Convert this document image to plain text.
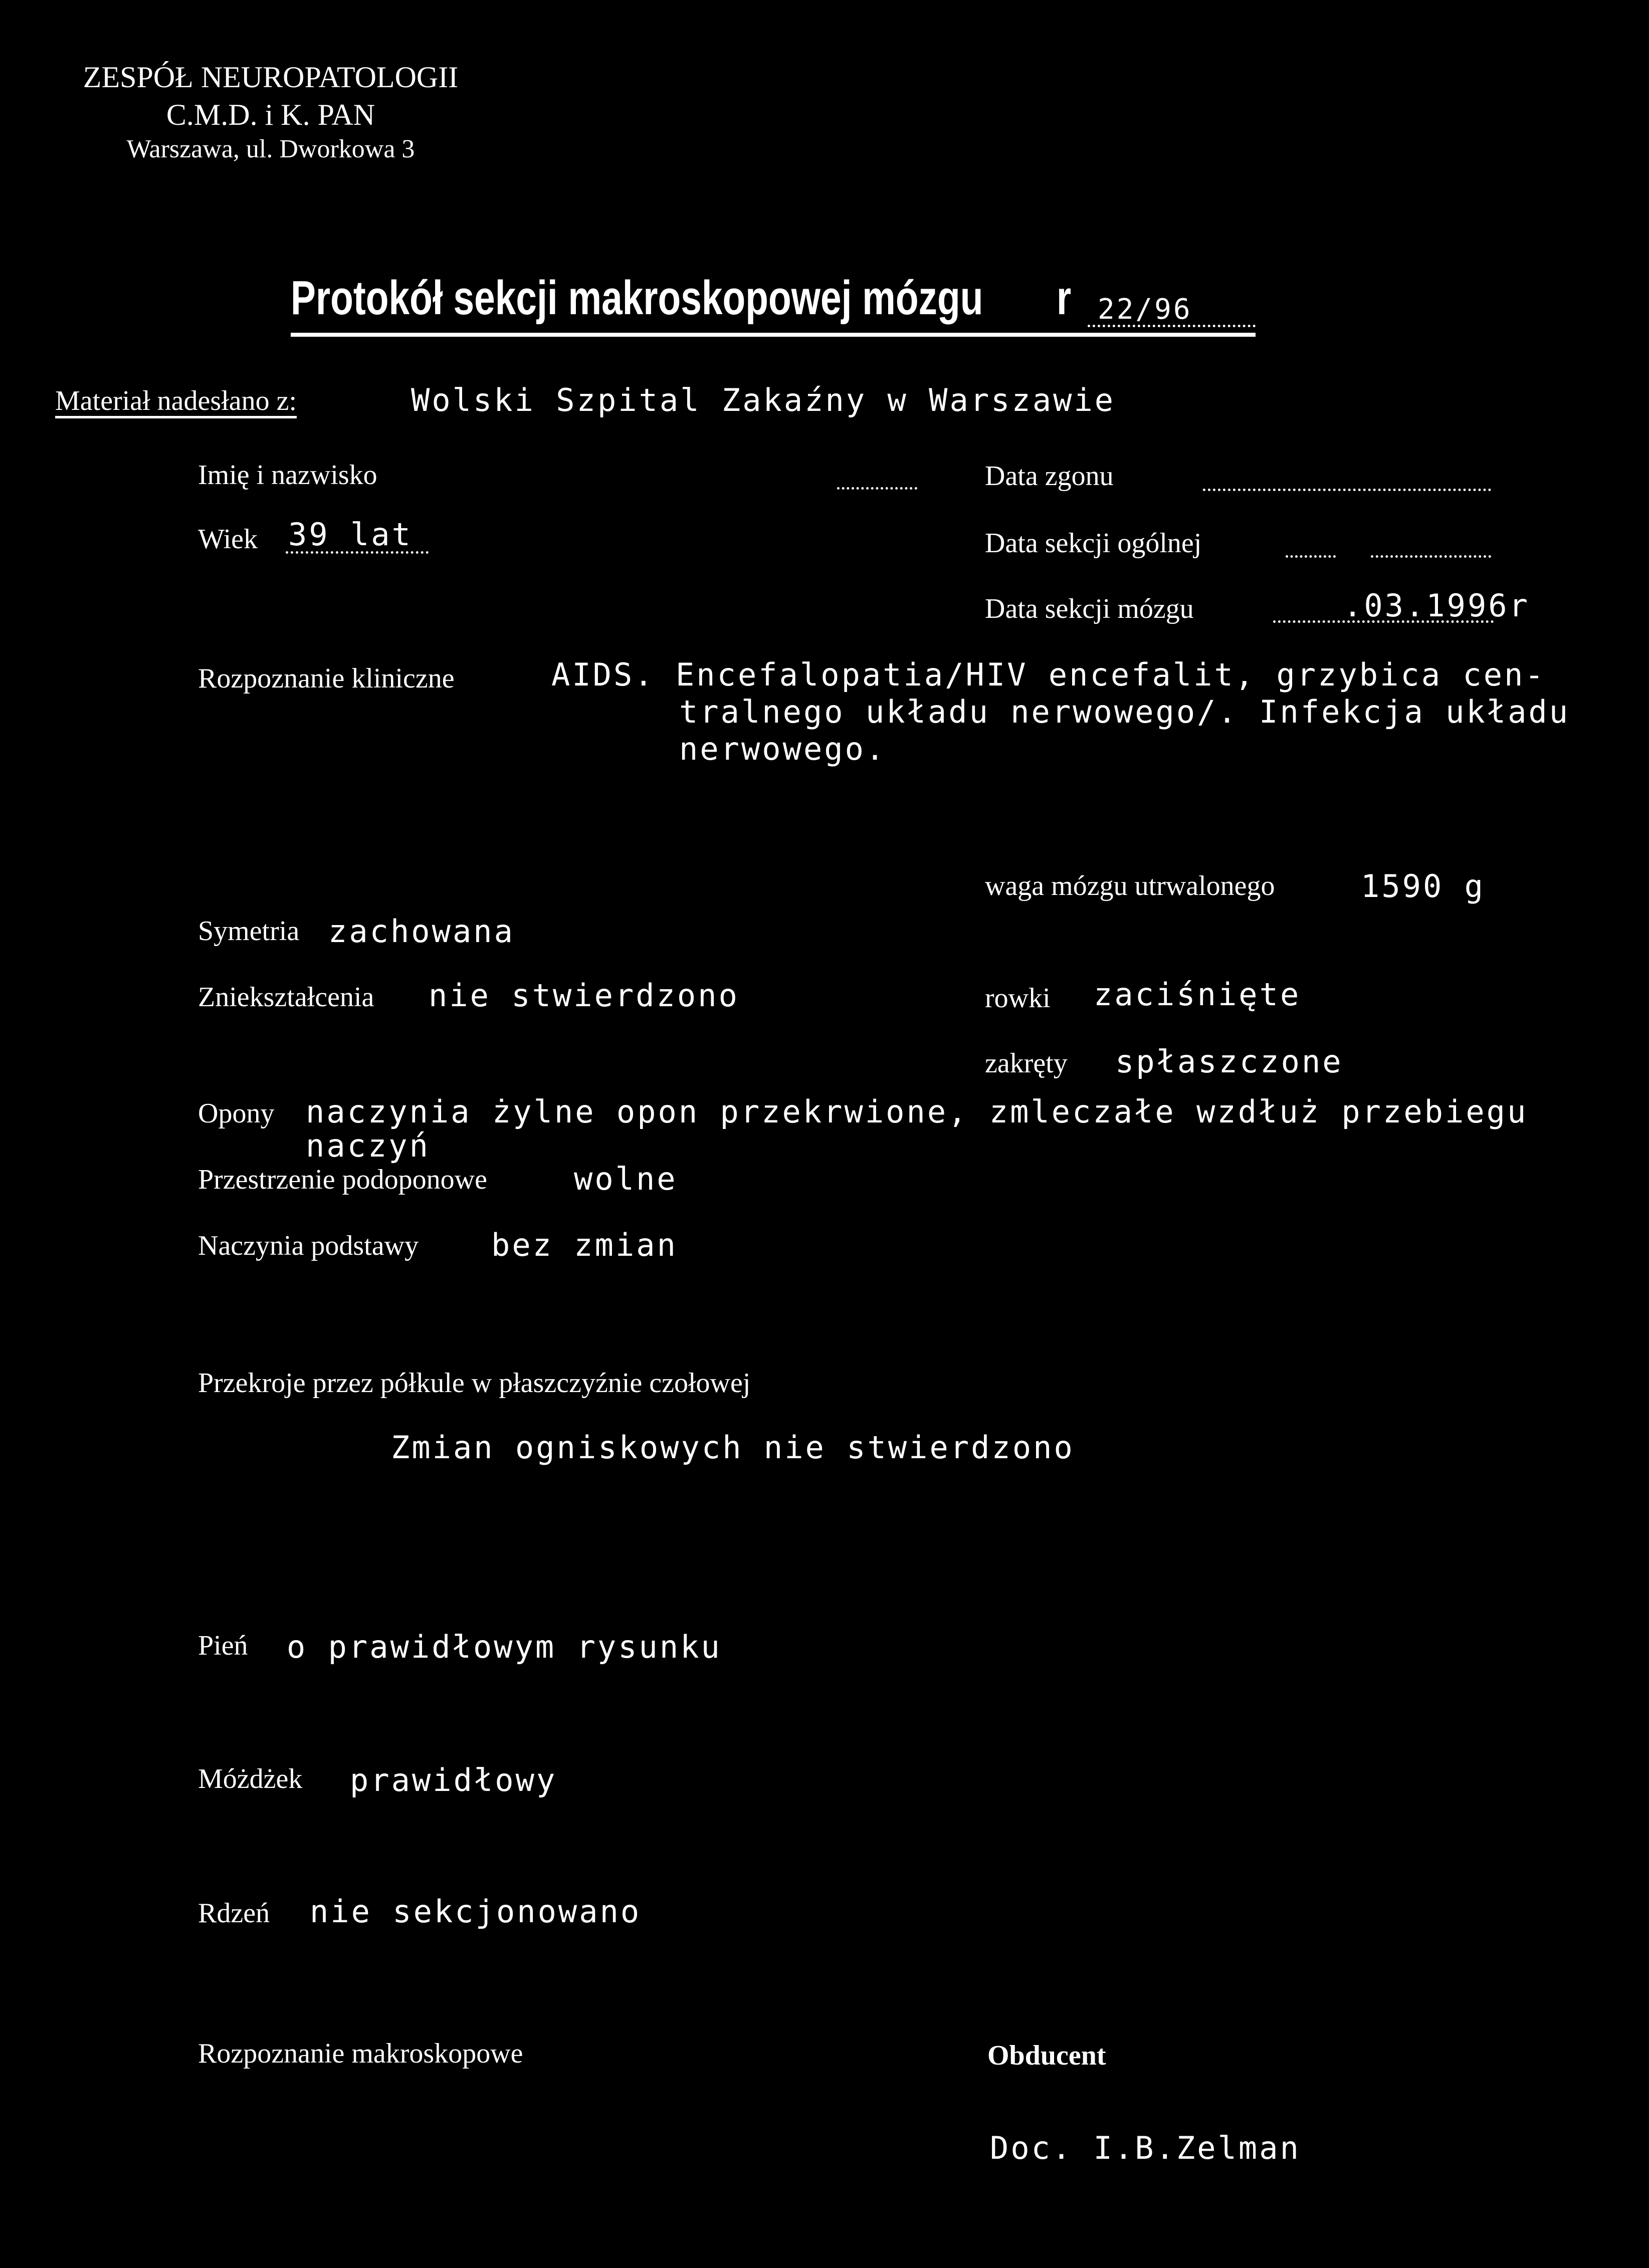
ZESPÓŁ NEUROPATOLOGII
C.M.D. i K. PAN
Warszawa, ul. Dworkowa 3
Protokół sekcji makroskopowej mózgu r 22/96
Materiał nadesłano z:	Wolski Szpital Zakaźny w Warszawie
Imię i nazwisko
Wiek 39 lat
Data zgonu
Data sekcji ogólnej
Data sekcji mózgu	.03.1996r
Rozpoznanie kliniczne	AIDS. Encefalopatia/HIV encefalit, grzybica cen-
tralnego układu nerwowego/. Infekcja układu
nerwowego.
waga mózgu utrwalonego	1590 g
Symetria zachowana
Zniekształcenia nie stwierdzono	rowki zaciśnięte
zakręty spłaszczone
Opony naczynia żylne opon przekrwione, zmleczałe wzdłuż przebiegu
naczyń
Przestrzenie podoponowe	wolne
Naczynia podstawy bez zmian
Przekroje przez półkule w płaszczyźnie czołowej
Zmian ogniskowych nie stwierdzono
Pień o prawidłowym rysunku
Móżdżek prawidłowy
Rdzeń nie sekcjonowano
Rozpoznanie makroskopowe	Obducent
Doc. I.B.Zelman
